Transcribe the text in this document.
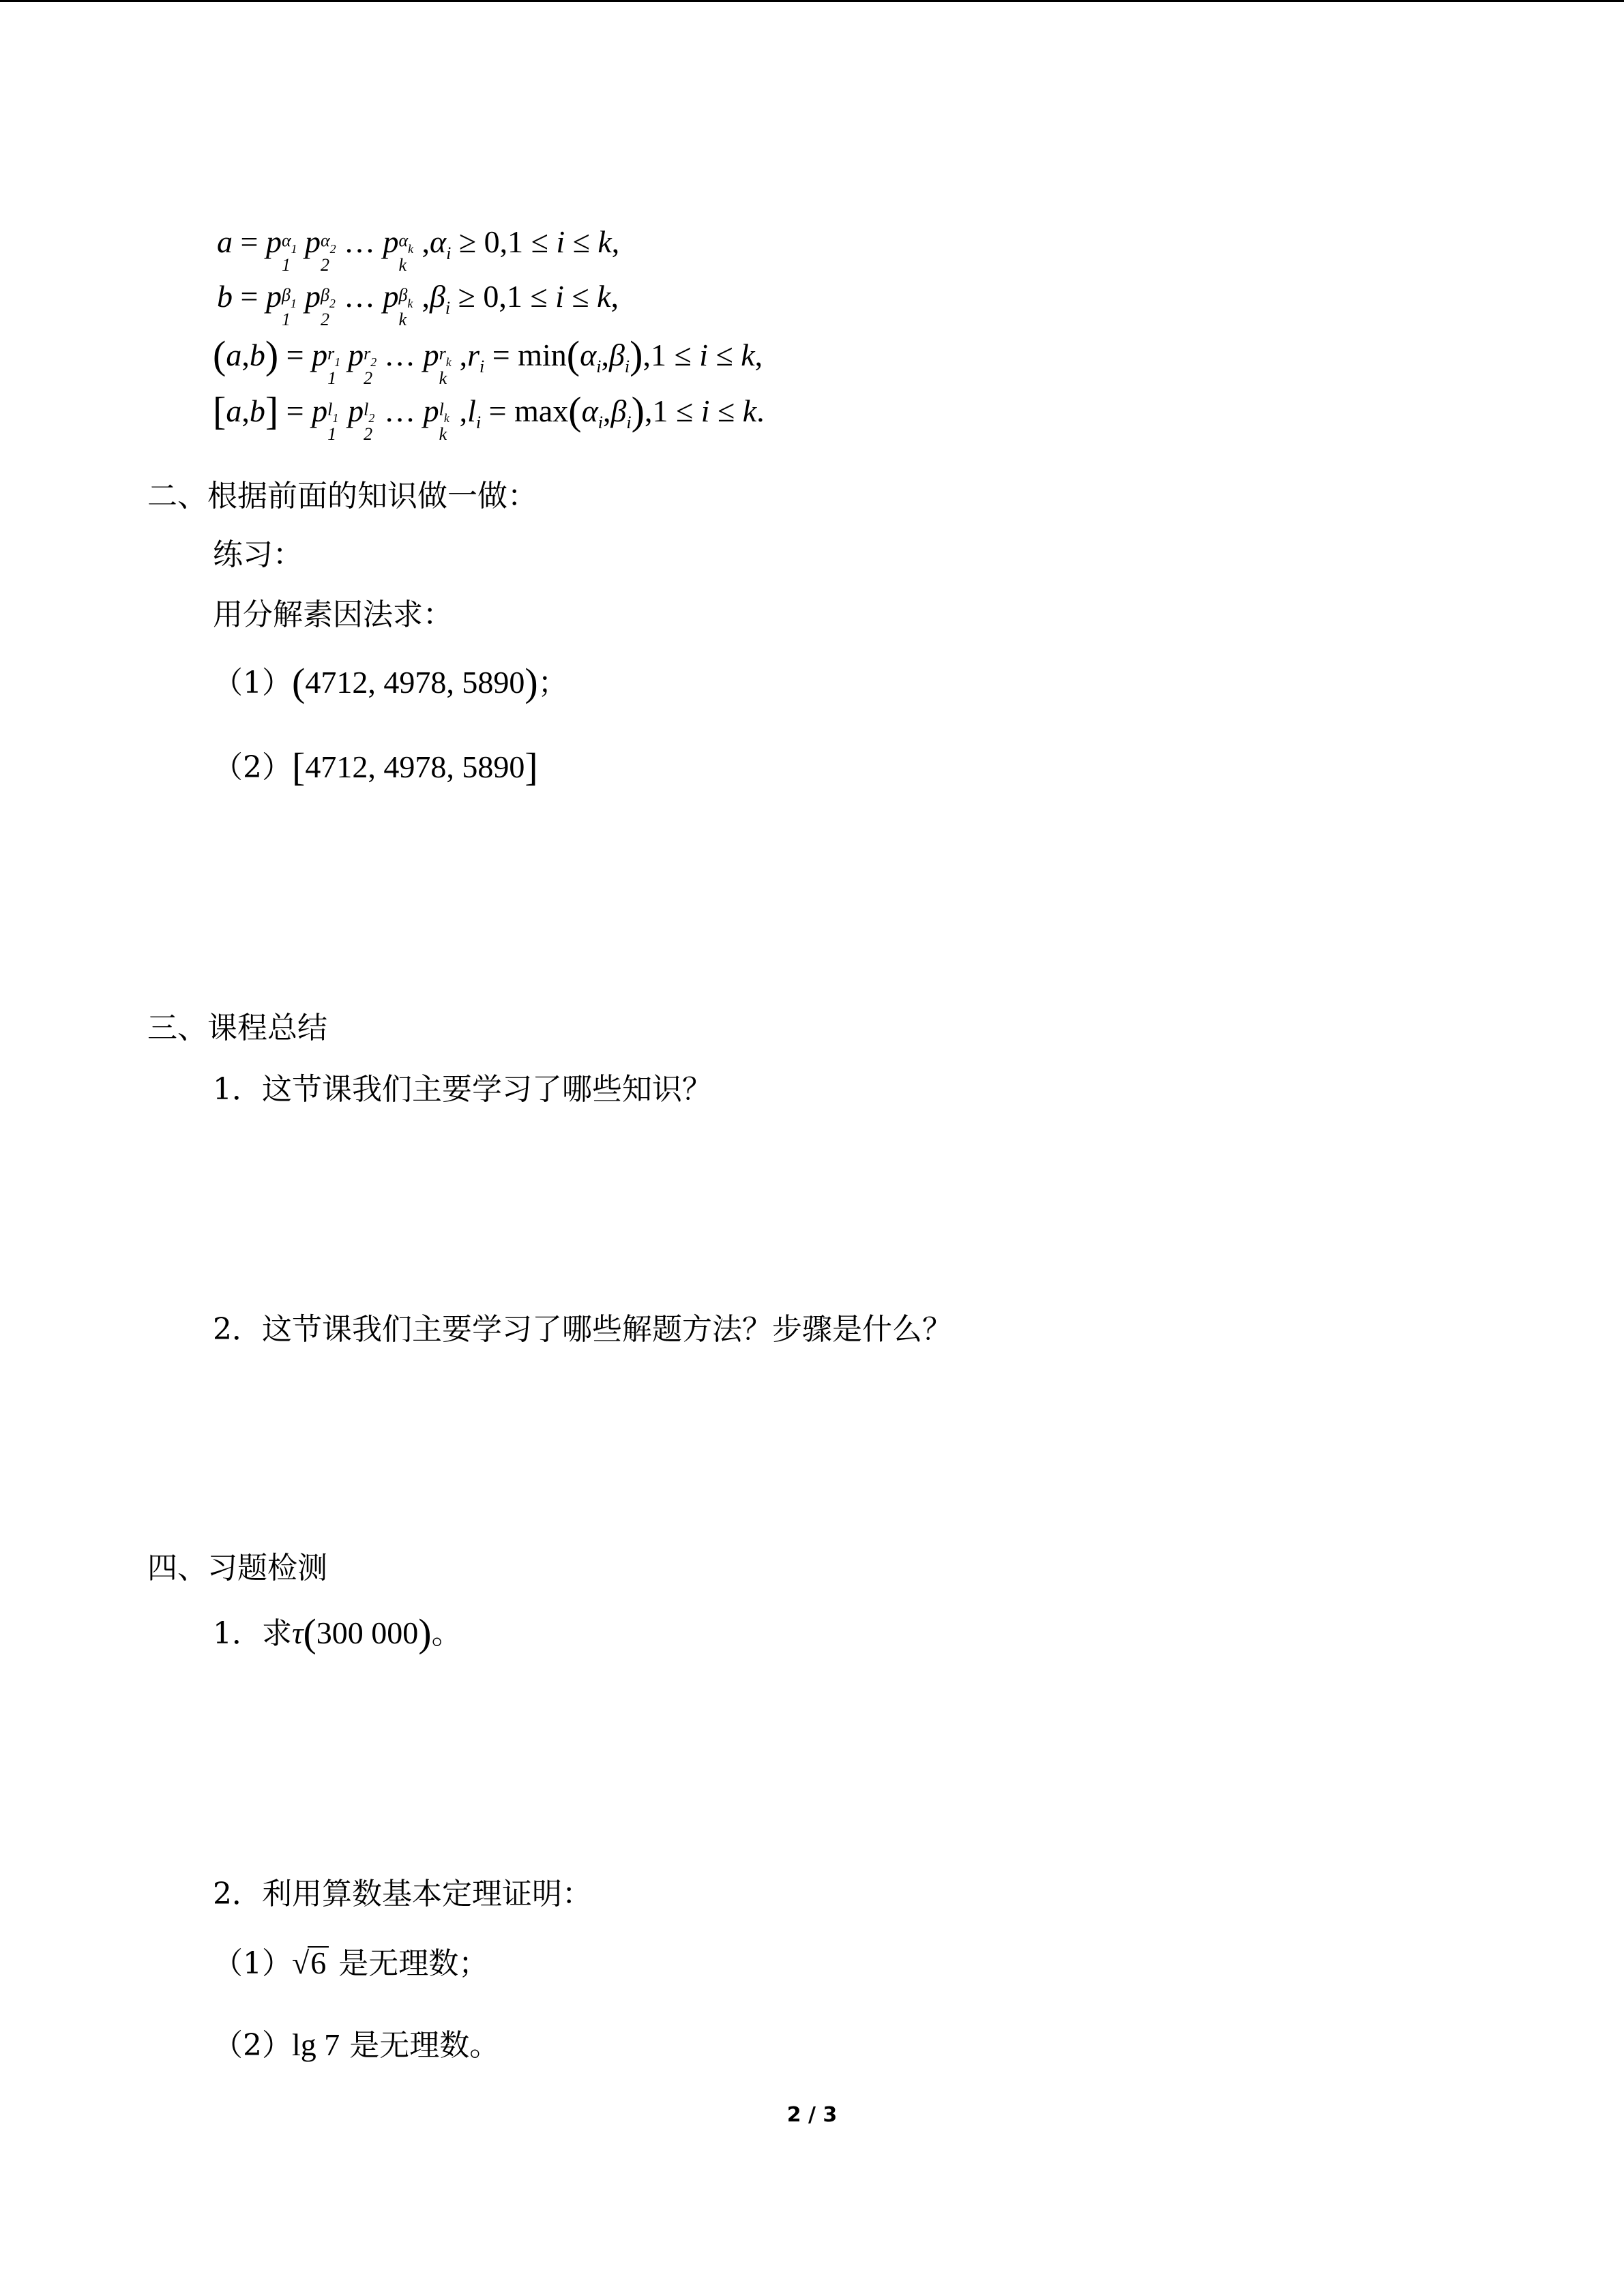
a = p $\alpha_1$
1
p $\alpha_2$
2
… p $\alpha_k$
k
$,\alpha_i \ge 0,1 \le i \le k$,
b = p $\beta_1$
1
p $\beta_2$
2
… p $\beta_k$
k
$,\beta_i \ge 0,1 \le i \le k$,
(a,b) = p $r_1$
1
p $r_2$
2
… p $r_k$
k
$,r_i = \min(\alpha_i,\beta_i),1 \le i \le k$,
[a,b] = p $l_1$
1
p $l_2$
2
… p $l_k$
k
$,l_i = \max(\alpha_i,\beta_i),1 \le i \le k$.
二、根据前面的知识做一做：
练习：
用分解素因法求：
（1）(4712, 4978, 5890)；
（2）[4712, 4978, 5890]
三、课程总结
1．这节课我们主要学习了哪些知识？
2．这节课我们主要学习了哪些解题方法？步骤是什么？
四、习题检测
1．求τ(300 000)。
2．利用算数基本定理证明：
（1）√6 是无理数；
（2）lg 7 是无理数。
2 / 3
